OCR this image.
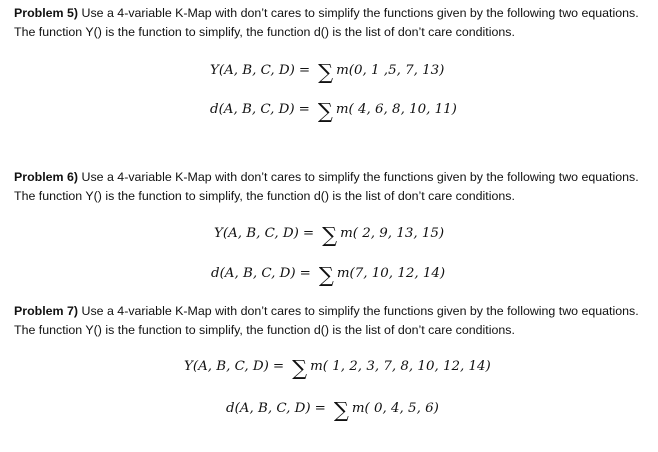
Problem 5) Use a 4-variable K-Map with don’t cares to simplify the functions given by the following two equations. The function Y() is the function to simplify, the function d() is the list of don’t care conditions.

Y(A, B, C, D) = ∑ m(0, 1 ,5, 7, 13)
d(A, B, C, D) = ∑ m( 4, 6, 8, 10, 11)

Problem 6) Use a 4-variable K-Map with don’t cares to simplify the functions given by the following two equations. The function Y() is the function to simplify, the function d() is the list of don’t care conditions.

Y(A, B, C, D) = ∑ m( 2, 9, 13, 15)
d(A, B, C, D) = ∑ m(7, 10, 12, 14)

Problem 7) Use a 4-variable K-Map with don’t cares to simplify the functions given by the following two equations. The function Y() is the function to simplify, the function d() is the list of don’t care conditions.

Y(A, B, C, D) = ∑ m( 1, 2, 3, 7, 8, 10, 12, 14)
d(A, B, C, D) = ∑ m( 0, 4, 5, 6)
